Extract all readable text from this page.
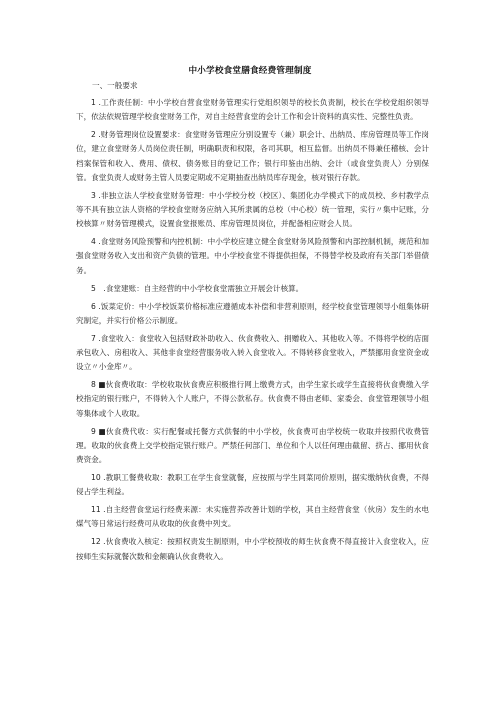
中小学校食堂膳食经费管理制度
一、一般要求

1 .工作责任制：中小学校自营食堂财务管理实行党组织领导的校长负责制，校长在学校党组织领导下，依法依规管理学校食堂财务工作，对自主经营食堂的会计工作和会计资料的真实性、完整性负责。

2 .财务管理岗位设置要求：食堂财务管理应分别设置专（兼）职会计、出纳员、库房管理员等工作岗位，建立食堂财务人员岗位责任制，明确职责和权限，各司其职，相互监督。出纳员不得兼任稽核、会计档案保管和收入、费用、债权、债务账目的登记工作；银行印鉴由出纳、会计（或食堂负责人）分别保管。食堂负责人或财务主管人员要定期或不定期抽查出纳员库存现金，核对银行存款。

3 .非独立法人学校食堂财务管理：中小学校分校（校区）、集团化办学模式下的成员校、乡村教学点等不具有独立法人资格的学校食堂财务应纳入其所隶属的总校（中心校）统一管理，实行〃集中记账，分校核算〃财务管理模式，设置食堂报账员、库房管理员岗位，并配备相应财会人员。

4 .食堂财务风险预警和内控机制：中小学校应建立健全食堂财务风险预警和内部控制机制，规范和加强食堂财务收入支出和资产负债的管理。中小学校食堂不得提供担保，不得替学校及政府有关部门举借债务。

5　.食堂建账：自主经营的中小学校食堂需独立开展会计核算。

6 .饭菜定价：中小学校饭菜价格标准应遵循成本补偿和非营利原则，经学校食堂管理领导小组集体研究制定，并实行价格公示制度。

7 .食堂收入：食堂收入包括财政补助收入、伙食费收入、捐赠收入、其他收入等。不得将学校的店面承包收入、房租收入、其他非食堂经营服务收入转入食堂收入。不得转移食堂收入，严禁挪用食堂资金或设立〃小金库〃。

8 ■伙食费收取：学校收取伙食费应积极推行网上缴费方式，由学生家长或学生直接将伙食费缴入学校指定的银行账户，不得转入个人账户，不得公款私存。伙食费不得由老师、家委会、食堂管理领导小组等集体或个人收取。

9 ■伙食费代收：实行配餐或托餐方式供餐的中小学校，伙食费可由学校统一收取并按照代收费管理。收取的伙食费上交学校指定银行账户。严禁任何部门、单位和个人以任何理由截留、挤占、挪用伙食费资金。

10 .教职工餐费收取：教职工在学生食堂就餐，应按照与学生同菜同价原则，据实缴纳伙食费，不得侵占学生利益。

11 .自主经营食堂运行经费来源：未实施营养改善计划的学校，其自主经营食堂（伙房）发生的水电煤气等日常运行经费可从收取的伙食费中列支。

12 .伙食费收入核定：按照权责发生制原则，中小学校预收的师生伙食费不得直接计入食堂收入，应按师生实际就餐次数和金额确认伙食费收入。
